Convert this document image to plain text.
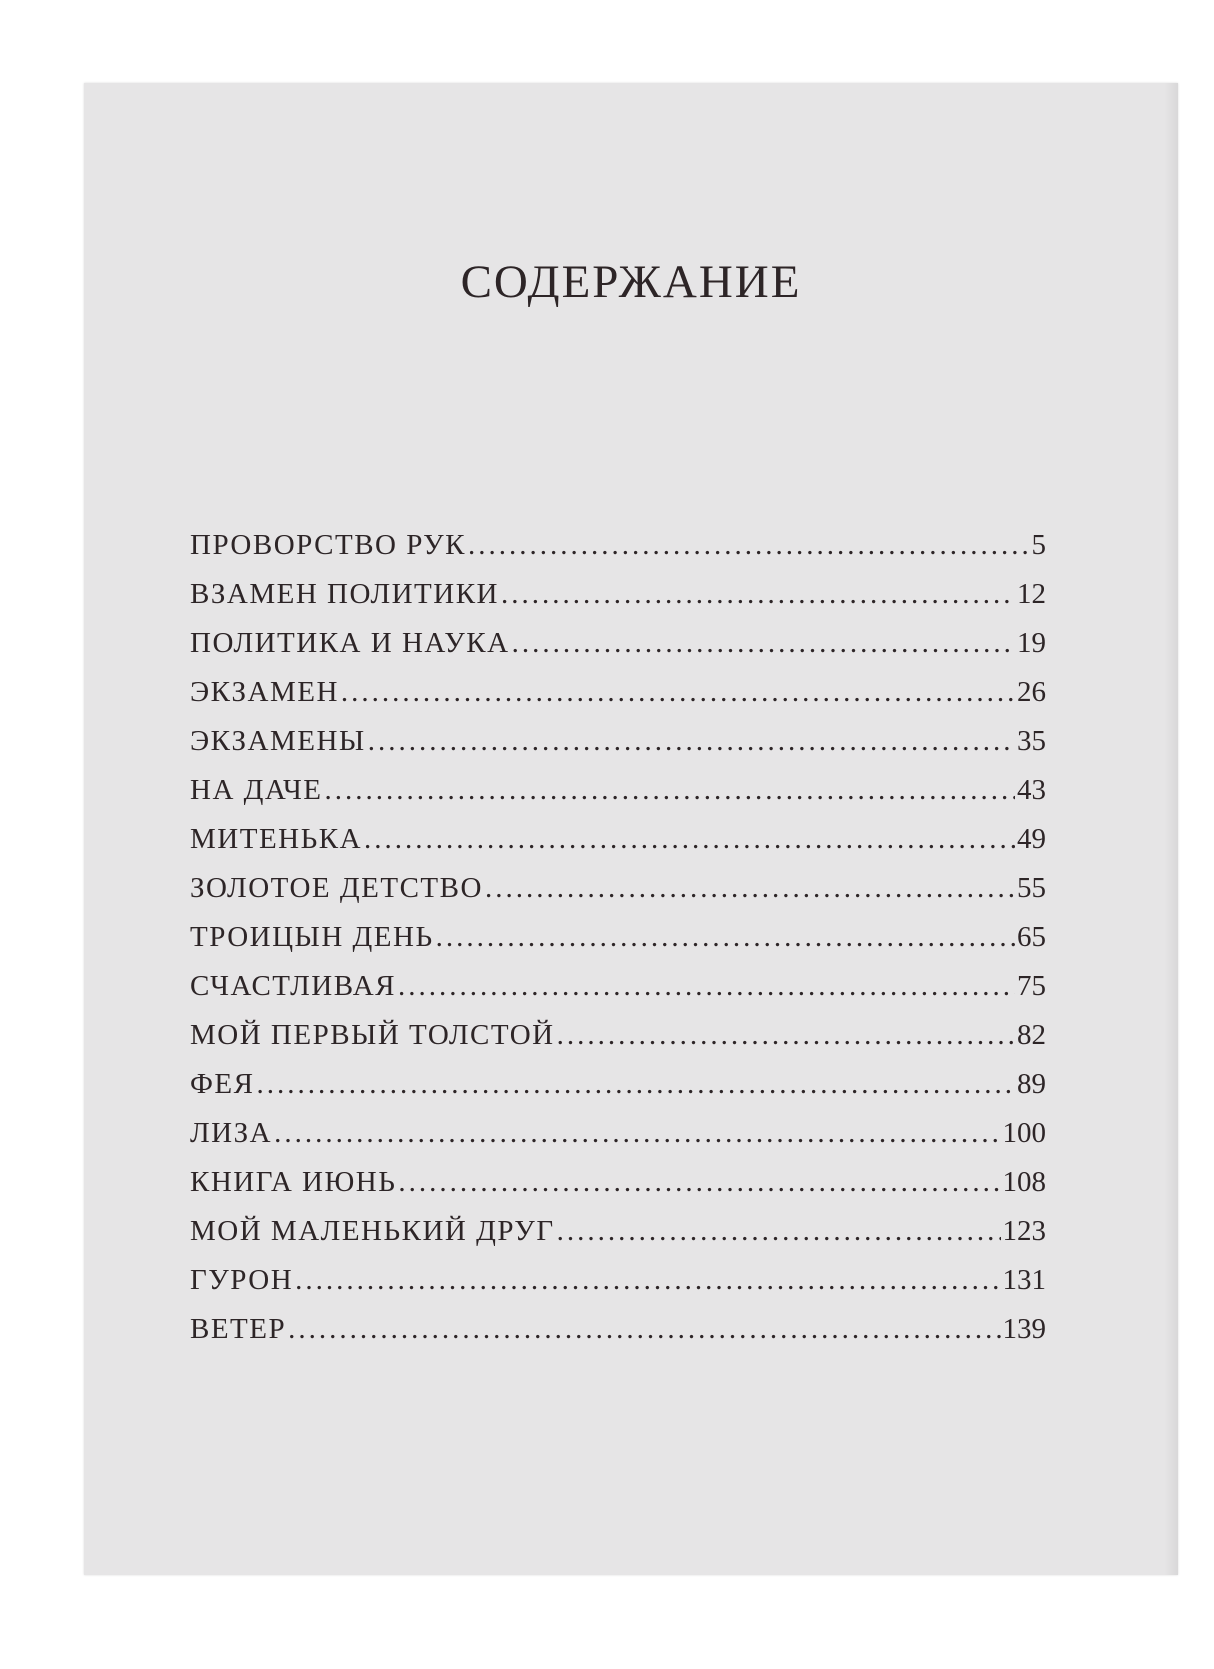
СОДЕРЖАНИЕ
ПРОВОРСТВО РУК .....	5
ВЗАМЕН ПОЛИТИКИ .....	12
ПОЛИТИКА И НАУКА .....	19
ЭКЗАМЕН .....	26
ЭКЗАМЕНЫ .....	35
НА ДАЧЕ .....	43
МИТЕНЬКА .....	49
ЗОЛОТОЕ ДЕТСТВО .....	55
ТРОИЦЫН ДЕНЬ .....	65
СЧАСТЛИВАЯ .....	75
МОЙ ПЕРВЫЙ ТОЛСТОЙ .....	82
ФЕЯ .....	89
ЛИЗА .....	100
КНИГА ИЮНЬ .....	108
МОЙ МАЛЕНЬКИЙ ДРУГ .....	123
ГУРОН .....	131
ВЕТЕР .....	139
